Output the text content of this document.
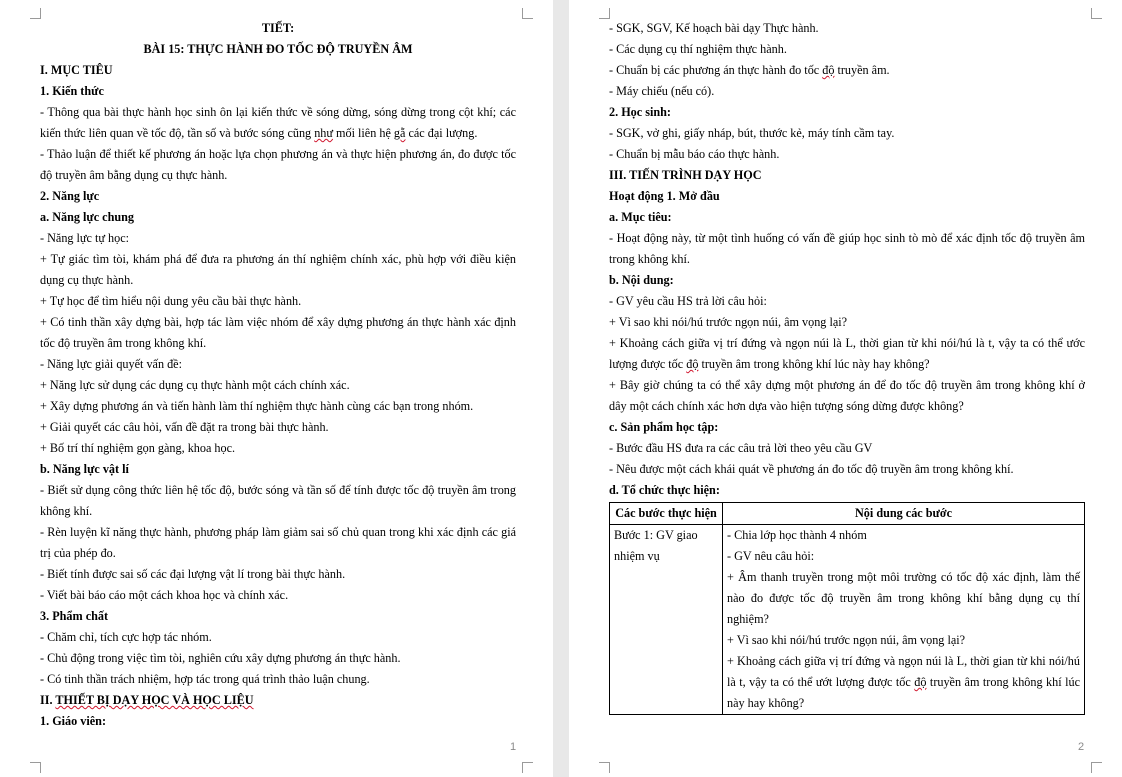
TIẾT:

BÀI 15: THỰC HÀNH ĐO TỐC ĐỘ TRUYỀN ÂM

I. MỤC TIÊU

1. Kiến thức

- Thông qua bài thực hành học sinh ôn lại kiến thức về sóng dừng, sóng dừng trong cột khí; các kiến thức liên quan về tốc độ, tần số và bước sóng cũng như mối liên hệ gẵ các đại lượng.

- Thảo luận để thiết kế phương án hoặc lựa chọn phương án và thực hiện phương án, đo được tốc độ truyền âm bằng dụng cụ thực hành.

2. Năng lực

a. Năng lực chung

- Năng lực tự học:

+ Tự giác tìm tòi, khám phá để đưa ra phương án thí nghiệm chính xác, phù hợp với điều kiện dụng cụ thực hành.

+ Tự học để tìm hiểu nội dung yêu cầu bài thực hành.

+ Có tinh thần xây dựng bài, hợp tác làm việc nhóm để xây dựng phương án thực hành xác định tốc độ truyền âm trong không khí.

- Năng lực giải quyết vấn đề:

+ Năng lực sử dụng các dụng cụ thực hành một cách chính xác.

+ Xây dựng phương án và tiến hành làm thí nghiệm thực hành cùng các bạn trong nhóm.

+ Giải quyết các câu hỏi, vấn đề đặt ra trong bài thực hành.

+ Bố trí thí nghiệm gọn gàng, khoa học.

b. Năng lực vật lí

- Biết sử dụng công thức liên hệ tốc độ, bước sóng và tần số để tính được tốc độ truyền âm trong không khí.

- Rèn luyện kĩ năng thực hành, phương pháp làm giảm sai số chủ quan trong khi xác định các giá trị của phép đo.

- Biết tính được sai số các đại lượng vật lí trong bài thực hành.

- Viết bài báo cáo một cách khoa học và chính xác.

3. Phẩm chất

- Chăm chỉ, tích cực hợp tác nhóm.

- Chủ động trong việc tìm tòi, nghiên cứu xây dựng phương án thực hành.

- Có tinh thần trách nhiệm, hợp tác trong quá trình thảo luận chung.

II. THIẾT BỊ DẠY HỌC VÀ HỌC LIỆU

1. Giáo viên:

1

- SGK, SGV, Kế hoạch bài dạy Thực hành.

- Các dụng cụ thí nghiệm thực hành.

- Chuẩn bị các phương án thực hành đo tốc độ truyền âm.

- Máy chiếu (nếu có).

2. Học sinh:

- SGK, vở ghi, giấy nháp, bút, thước kẻ, máy tính cầm tay.

- Chuẩn bị mẫu báo cáo thực hành.

III. TIẾN TRÌNH DẠY HỌC

Hoạt động 1. Mở đầu

a. Mục tiêu:

- Hoạt động này, từ một tình huống có vấn đề giúp học sinh tò mò để xác định tốc độ truyền âm trong không khí.

b. Nội dung:

- GV yêu cầu HS trả lời câu hỏi:

+ Vì sao khi nói/hú trước ngọn núi, âm vọng lại?

+ Khoảng cách giữa vị trí đứng và ngọn núi là L, thời gian từ khi nói/hú là t, vậy ta có thể ước lượng được tốc độ truyền âm trong không khí lúc này hay không?

+ Bây giờ chúng ta có thể xây dựng một phương án để đo tốc độ truyền âm trong không khí ở dây một cách chính xác hơn dựa vào hiện tượng sóng dừng được không?

c. Sản phẩm học tập:

- Bước đầu HS đưa ra các câu trả lời theo yêu cầu GV

- Nêu được một cách khái quát về phương án đo tốc độ truyền âm trong không khí.

d. Tổ chức thực hiện:

Các bước thực hiện	Nội dung các bước
Bước 1: GV giao nhiệm vụ	- Chia lớp học thành 4 nhóm
- GV nêu câu hỏi:
+ Âm thanh truyền trong một môi trường có tốc độ xác định, làm thế nào đo được tốc độ truyền âm trong không khí bằng dụng cụ thí nghiệm?
+ Vì sao khi nói/hú trước ngọn núi, âm vọng lại?
+ Khoảng cách giữa vị trí đứng và ngọn núi là L, thời gian từ khi nói/hú là t, vậy ta có thể ướt lượng được tốc độ truyền âm trong không khí lúc này hay không?
2
